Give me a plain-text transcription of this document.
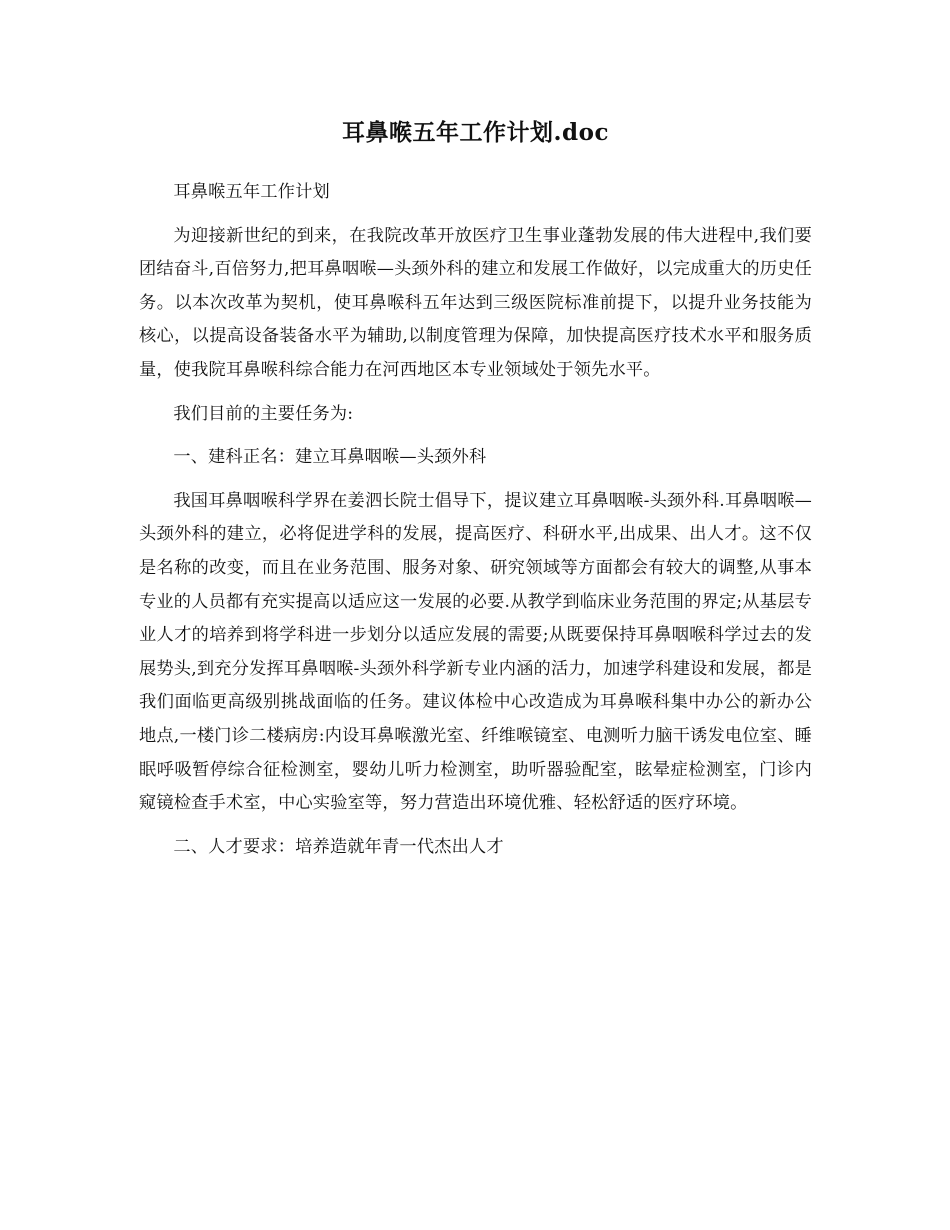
耳鼻喉五年工作计划.doc

耳鼻喉五年工作计划

为迎接新世纪的到来，在我院改革开放医疗卫生事业蓬勃发展的伟大进程中,我们要团结奋斗,百倍努力,把耳鼻咽喉—头颈外科的建立和发展工作做好，以完成重大的历史任务。以本次改革为契机，使耳鼻喉科五年达到三级医院标准前提下，以提升业务技能为核心，以提高设备装备水平为辅助,以制度管理为保障，加快提高医疗技术水平和服务质量，使我院耳鼻喉科综合能力在河西地区本专业领域处于领先水平。

我们目前的主要任务为:

一、建科正名：建立耳鼻咽喉—头颈外科

我国耳鼻咽喉科学界在姜泗长院士倡导下，提议建立耳鼻咽喉-头颈外科.耳鼻咽喉—头颈外科的建立，必将促进学科的发展，提高医疗、科研水平,出成果、出人才。这不仅是名称的改变，而且在业务范围、服务对象、研究领域等方面都会有较大的调整,从事本专业的人员都有充实提高以适应这一发展的必要.从教学到临床业务范围的界定;从基层专业人才的培养到将学科进一步划分以适应发展的需要;从既要保持耳鼻咽喉科学过去的发展势头,到充分发挥耳鼻咽喉-头颈外科学新专业内涵的活力，加速学科建设和发展，都是我们面临更高级别挑战面临的任务。建议体检中心改造成为耳鼻喉科集中办公的新办公地点,一楼门诊二楼病房:内设耳鼻喉激光室、纤维喉镜室、电测听力脑干诱发电位室、睡眠呼吸暂停综合征检测室，婴幼儿听力检测室，助听器验配室，眩晕症检测室，门诊内窥镜检查手术室，中心实验室等，努力营造出环境优雅、轻松舒适的医疗环境。

二、人才要求：培养造就年青一代杰出人才
